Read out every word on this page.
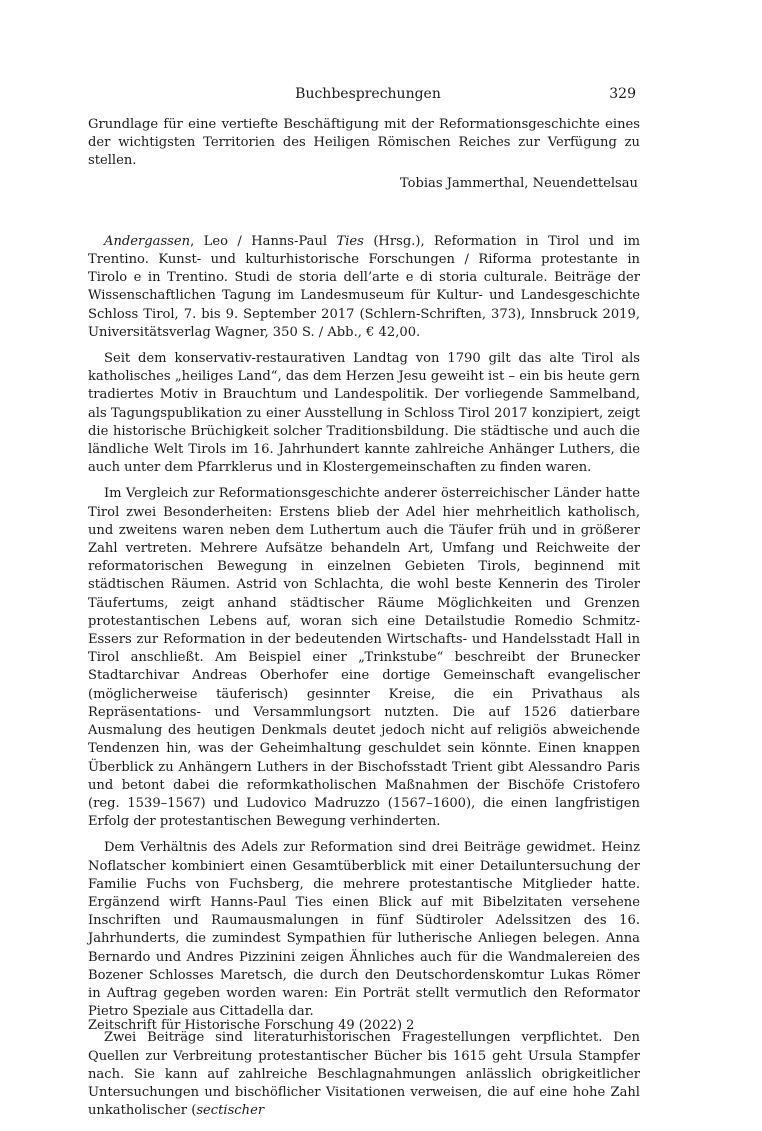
Buchbesprechungen	329

Grundlage für eine vertiefte Beschäftigung mit der Reformationsgeschichte eines der wichtigsten Territorien des Heiligen Römischen Reiches zur Verfügung zu stellen.

Tobias Jammerthal, Neuendettelsau

Andergassen, Leo / Hanns-Paul Ties (Hrsg.), Reformation in Tirol und im Trentino. Kunst- und kulturhistorische Forschungen / Riforma protestante in Tirolo e in Trentino. Studi de storia dell’arte e di storia culturale. Beiträge der Wissenschaftlichen Tagung im Landesmuseum für Kultur- und Landesgeschichte Schloss Tirol, 7. bis 9. September 2017 (Schlern-Schriften, 373), Innsbruck 2019, Universitätsverlag Wagner, 350 S. / Abb., € 42,00.

Seit dem konservativ-restaurativen Landtag von 1790 gilt das alte Tirol als katholisches „heiliges Land“, das dem Herzen Jesu geweiht ist – ein bis heute gern tradiertes Motiv in Brauchtum und Landespolitik. Der vorliegende Sammelband, als Tagungspublikation zu einer Ausstellung in Schloss Tirol 2017 konzipiert, zeigt die historische Brüchigkeit solcher Traditionsbildung. Die städtische und auch die ländliche Welt Tirols im 16. Jahrhundert kannte zahlreiche Anhänger Luthers, die auch unter dem Pfarrklerus und in Klostergemeinschaften zu finden waren.

Im Vergleich zur Reformationsgeschichte anderer österreichischer Länder hatte Tirol zwei Besonderheiten: Erstens blieb der Adel hier mehrheitlich katholisch, und zweitens waren neben dem Luthertum auch die Täufer früh und in größerer Zahl vertreten. Mehrere Aufsätze behandeln Art, Umfang und Reichweite der reformatorischen Bewegung in einzelnen Gebieten Tirols, beginnend mit städtischen Räumen. Astrid von Schlachta, die wohl beste Kennerin des Tiroler Täufertums, zeigt anhand städtischer Räume Möglichkeiten und Grenzen protestantischen Lebens auf, woran sich eine Detailstudie Romedio Schmitz-Essers zur Reformation in der bedeutenden Wirtschafts- und Handelsstadt Hall in Tirol anschließt. Am Beispiel einer „Trinkstube“ beschreibt der Brunecker Stadtarchivar Andreas Oberhofer eine dortige Gemeinschaft evangelischer (möglicherweise täuferisch) gesinnter Kreise, die ein Privathaus als Repräsentations- und Versammlungsort nutzten. Die auf 1526 datierbare Ausmalung des heutigen Denkmals deutet jedoch nicht auf religiös abweichende Tendenzen hin, was der Geheimhaltung geschuldet sein könnte. Einen knappen Überblick zu Anhängern Luthers in der Bischofsstadt Trient gibt Alessandro Paris und betont dabei die reformkatholischen Maßnahmen der Bischöfe Cristofero (reg. 1539–1567) und Ludovico Madruzzo (1567–1600), die einen langfristigen Erfolg der protestantischen Bewegung verhinderten.

Dem Verhältnis des Adels zur Reformation sind drei Beiträge gewidmet. Heinz Noflatscher kombiniert einen Gesamtüberblick mit einer Detailuntersuchung der Familie Fuchs von Fuchsberg, die mehrere protestantische Mitglieder hatte. Ergänzend wirft Hanns-Paul Ties einen Blick auf mit Bibelzitaten versehene Inschriften und Raumausmalungen in fünf Südtiroler Adelssitzen des 16. Jahrhunderts, die zumindest Sympathien für lutherische Anliegen belegen. Anna Bernardo und Andres Pizzinini zeigen Ähnliches auch für die Wandmalereien des Bozener Schlosses Maretsch, die durch den Deutschordenskomtur Lukas Römer in Auftrag gegeben worden waren: Ein Porträt stellt vermutlich den Reformator Pietro Speziale aus Cittadella dar.

Zwei Beiträge sind literaturhistorischen Fragestellungen verpflichtet. Den Quellen zur Verbreitung protestantischer Bücher bis 1615 geht Ursula Stampfer nach. Sie kann auf zahlreiche Beschlagnahmungen anlässlich obrigkeitlicher Untersuchungen und bischöflicher Visitationen verweisen, die auf eine hohe Zahl unkatholischer (sectischer

Zeitschrift für Historische Forschung 49 (2022) 2
